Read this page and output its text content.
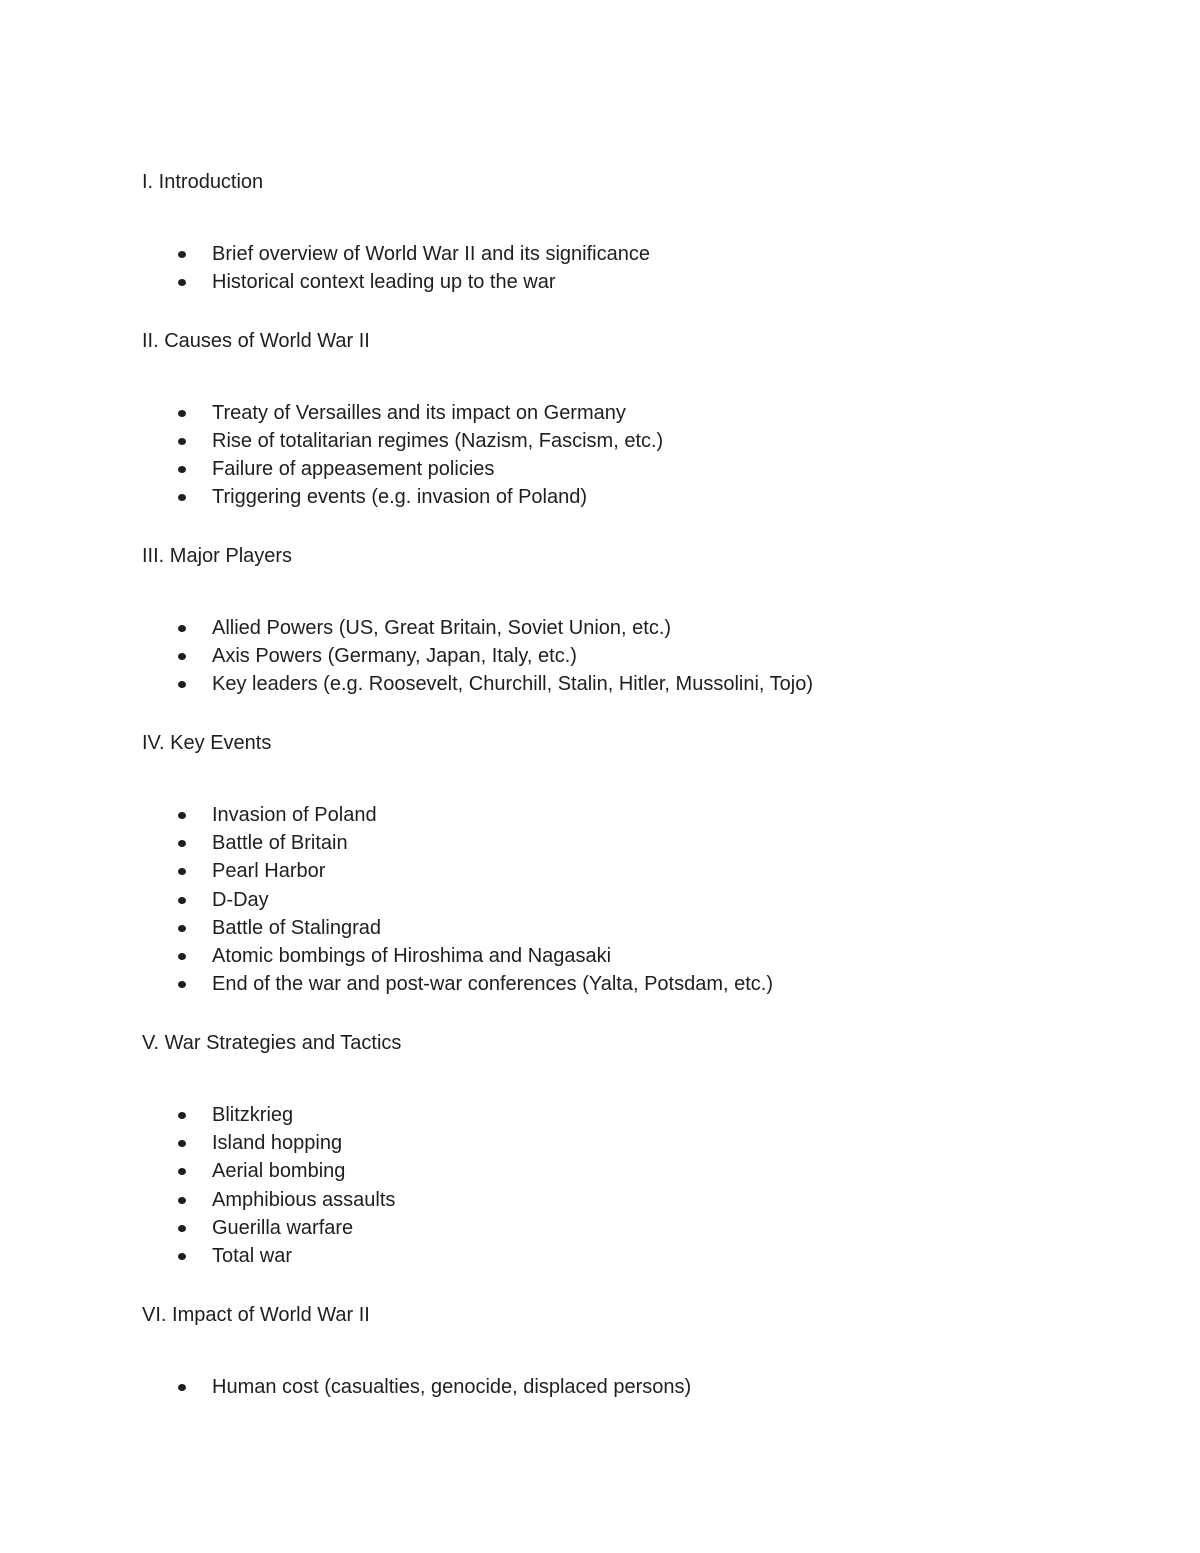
I. Introduction

Brief overview of World War II and its significance
Historical context leading up to the war

II. Causes of World War II

Treaty of Versailles and its impact on Germany
Rise of totalitarian regimes (Nazism, Fascism, etc.)
Failure of appeasement policies
Triggering events (e.g. invasion of Poland)

III. Major Players

Allied Powers (US, Great Britain, Soviet Union, etc.)
Axis Powers (Germany, Japan, Italy, etc.)
Key leaders (e.g. Roosevelt, Churchill, Stalin, Hitler, Mussolini, Tojo)

IV. Key Events

Invasion of Poland
Battle of Britain
Pearl Harbor
D-Day
Battle of Stalingrad
Atomic bombings of Hiroshima and Nagasaki
End of the war and post-war conferences (Yalta, Potsdam, etc.)

V. War Strategies and Tactics

Blitzkrieg
Island hopping
Aerial bombing
Amphibious assaults
Guerilla warfare
Total war

VI. Impact of World War II

Human cost (casualties, genocide, displaced persons)
